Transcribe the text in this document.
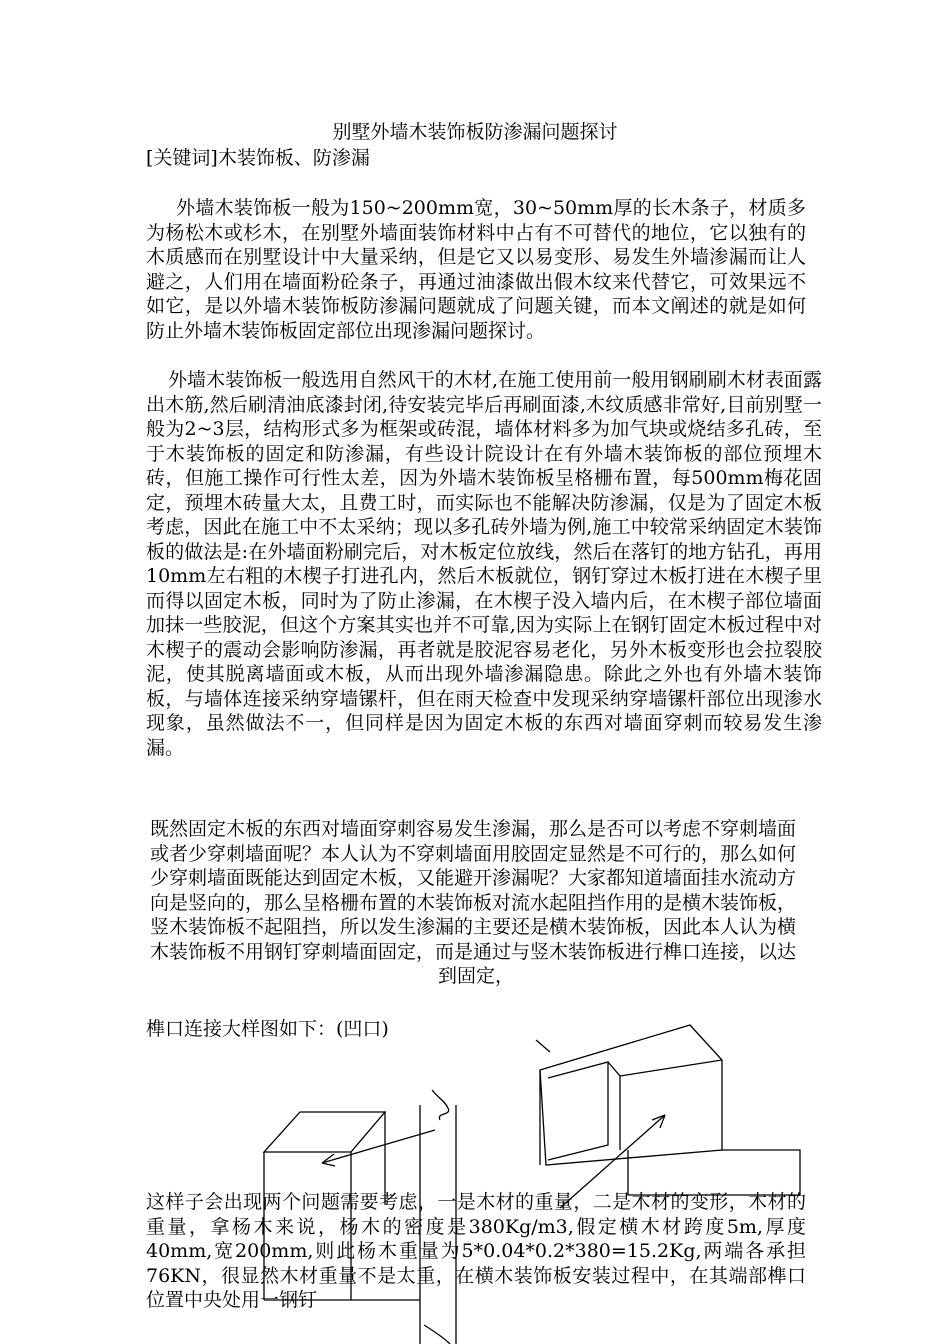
别墅外墙木装饰板防渗漏问题探讨
[关键词]木装饰板、防渗漏
外墙木装饰板一般为150~200mm宽，30~50mm厚的长木条子，材质多为杨松木或杉木，在别墅外墙面装饰材料中占有不可替代的地位，它以独有的木质感而在别墅设计中大量采纳，但是它又以易变形、易发生外墙渗漏而让人避之，人们用在墙面粉砼条子，再通过油漆做出假木纹来代替它，可效果远不如它，是以外墙木装饰板防渗漏问题就成了问题关键，而本文阐述的就是如何防止外墙木装饰板固定部位出现渗漏问题探讨。
外墙木装饰板一般选用自然风干的木材,在施工使用前一般用钢刷刷木材表面露出木筋,然后刷清油底漆封闭,待安装完毕后再刷面漆,木纹质感非常好,目前别墅一般为2~3层，结构形式多为框架或砖混，墙体材料多为加气块或烧结多孔砖，至于木装饰板的固定和防渗漏，有些设计院设计在有外墙木装饰板的部位预埋木砖，但施工操作可行性太差，因为外墙木装饰板呈格栅布置，每500mm梅花固定，预埋木砖量大太，且费工时，而实际也不能解决防渗漏，仅是为了固定木板考虑，因此在施工中不太采纳；现以多孔砖外墙为例,施工中较常采纳固定木装饰板的做法是:在外墙面粉刷完后，对木板定位放线，然后在落钉的地方钻孔，再用10mm左右粗的木楔子打进孔内，然后木板就位，钢钉穿过木板打进在木楔子里而得以固定木板，同时为了防止渗漏，在木楔子没入墙内后，在木楔子部位墙面加抹一些胶泥，但这个方案其实也并不可靠,因为实际上在钢钉固定木板过程中对木楔子的震动会影响防渗漏，再者就是胶泥容易老化，另外木板变形也会拉裂胶泥，使其脱离墙面或木板，从而出现外墙渗漏隐患。除此之外也有外墙木装饰板，与墙体连接采纳穿墙镙杆，但在雨天检查中发现采纳穿墙镙杆部位出现渗水现象，虽然做法不一，但同样是因为固定木板的东西对墙面穿刺而较易发生渗漏。
既然固定木板的东西对墙面穿刺容易发生渗漏，那么是否可以考虑不穿刺墙面或者少穿刺墙面呢？本人认为不穿刺墙面用胶固定显然是不可行的，那么如何少穿刺墙面既能达到固定木板，又能避开渗漏呢？大家都知道墙面挂水流动方向是竖向的，那么呈格栅布置的木装饰板对流水起阻挡作用的是横木装饰板，竖木装饰板不起阻挡，所以发生渗漏的主要还是横木装饰板，因此本人认为横木装饰板不用钢钉穿刺墙面固定，而是通过与竖木装饰板进行榫口连接，以达
到固定，
榫口连接大样图如下：(凹口)
这样子会出现两个问题需要考虑，一是木材的重量，二是木材的变形，木材的重量，拿杨木来说，杨木的密度是380Kg/m3,假定横木材跨度5m,厚度40mm,宽200mm,则此杨木重量为5*0.04*0.2*380=15.2Kg,两端各承担76KN，很显然木材重量不是太重，在横木装饰板安装过程中，在其端部榫口位置中央处用一钢钉
